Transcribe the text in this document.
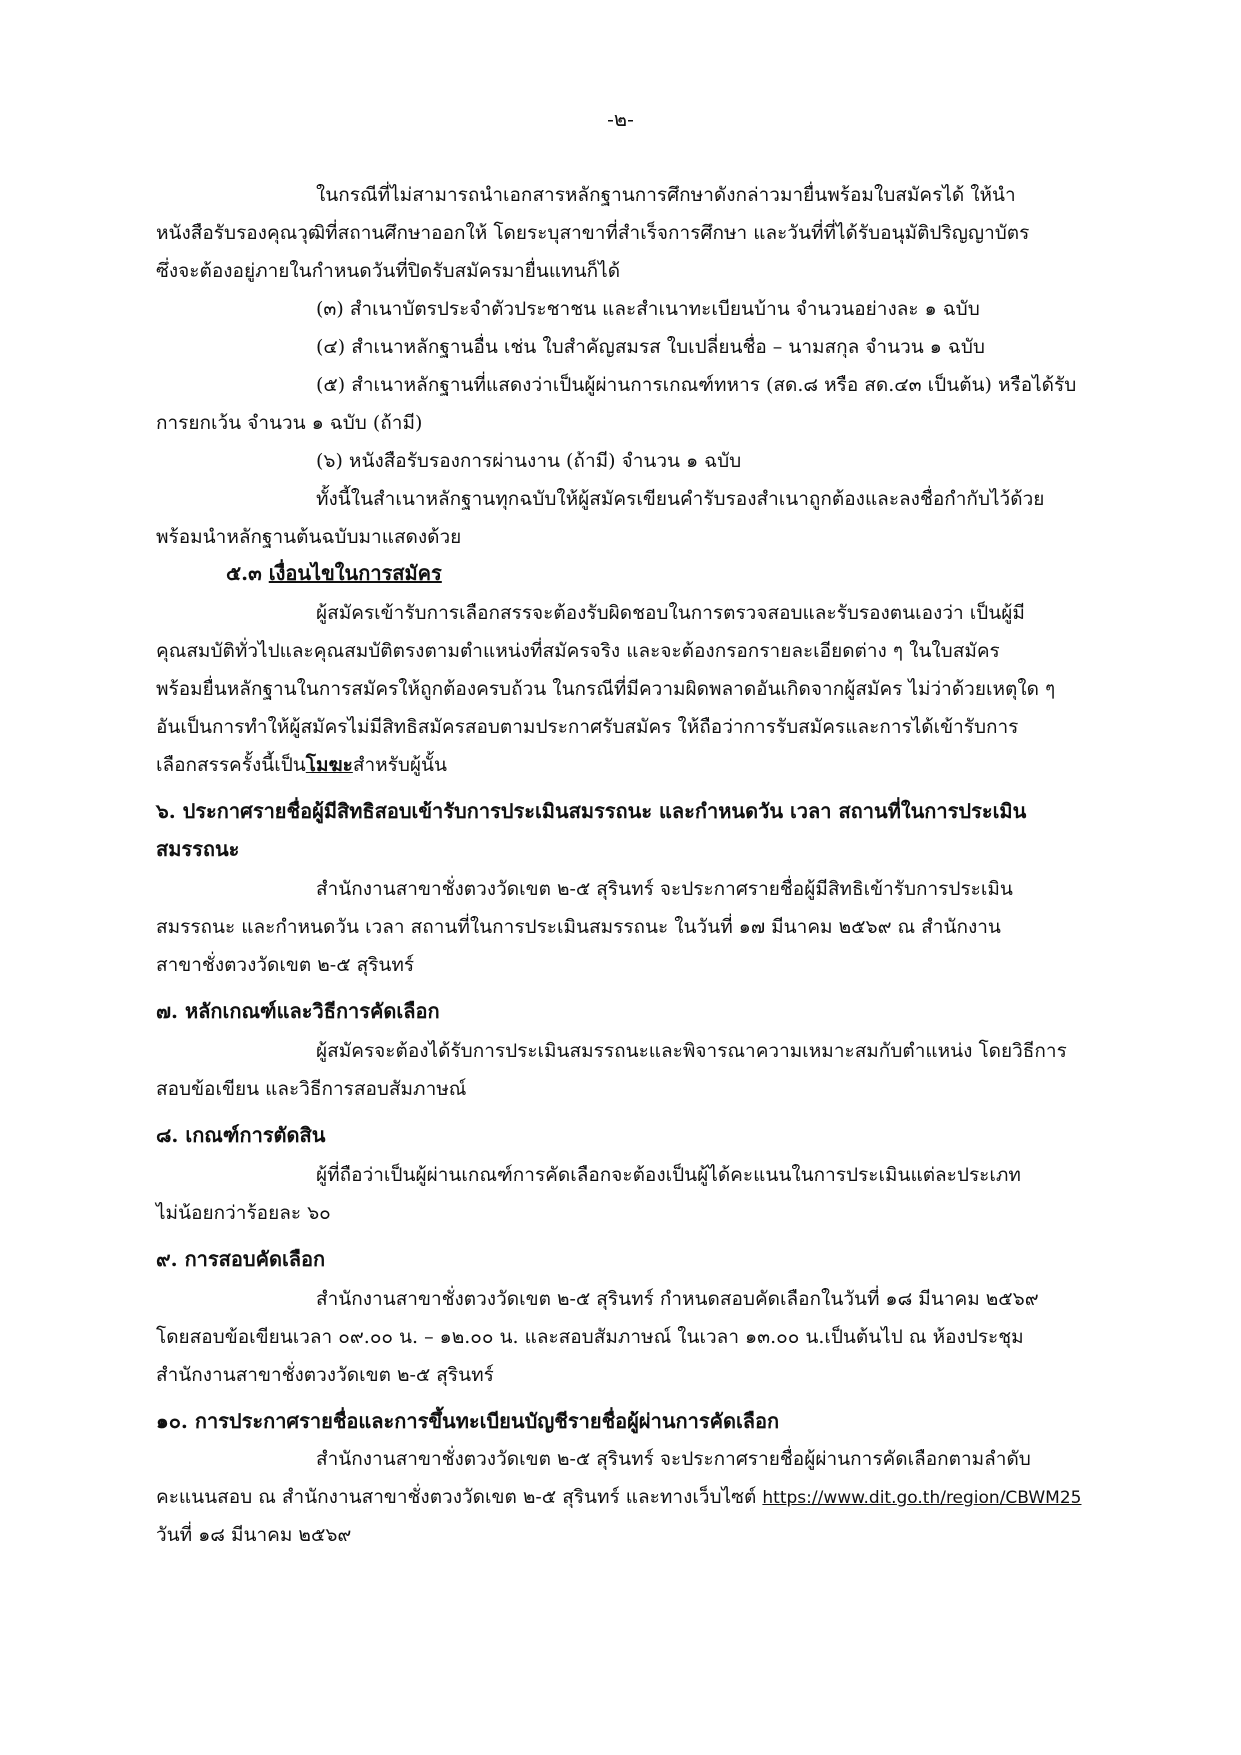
-๒-
ในกรณีที่ไม่สามารถนำเอกสารหลักฐานการศึกษาดังกล่าวมายื่นพร้อมใบสมัครได้ ให้นำ
หนังสือรับรองคุณวุฒิที่สถานศึกษาออกให้ โดยระบุสาขาที่สำเร็จการศึกษา และวันที่ที่ได้รับอนุมัติปริญญาบัตร
ซึ่งจะต้องอยู่ภายในกำหนดวันที่ปิดรับสมัครมายื่นแทนก็ได้
(๓) สำเนาบัตรประจำตัวประชาชน และสำเนาทะเบียนบ้าน จำนวนอย่างละ ๑ ฉบับ
(๔) สำเนาหลักฐานอื่น เช่น ใบสำคัญสมรส ใบเปลี่ยนชื่อ – นามสกุล จำนวน ๑ ฉบับ
(๕) สำเนาหลักฐานที่แสดงว่าเป็นผู้ผ่านการเกณฑ์ทหาร (สด.๘ หรือ สด.๔๓ เป็นต้น) หรือได้รับ
การยกเว้น จำนวน ๑ ฉบับ (ถ้ามี)
(๖) หนังสือรับรองการผ่านงาน (ถ้ามี) จำนวน ๑ ฉบับ
ทั้งนี้ในสำเนาหลักฐานทุกฉบับให้ผู้สมัครเขียนคำรับรองสำเนาถูกต้องและลงชื่อกำกับไว้ด้วย
พร้อมนำหลักฐานต้นฉบับมาแสดงด้วย
๕.๓ เงื่อนไขในการสมัคร
ผู้สมัครเข้ารับการเลือกสรรจะต้องรับผิดชอบในการตรวจสอบและรับรองตนเองว่า เป็นผู้มี
คุณสมบัติทั่วไปและคุณสมบัติตรงตามตำแหน่งที่สมัครจริง และจะต้องกรอกรายละเอียดต่าง ๆ ในใบสมัคร
พร้อมยื่นหลักฐานในการสมัครให้ถูกต้องครบถ้วน ในกรณีที่มีความผิดพลาดอันเกิดจากผู้สมัคร ไม่ว่าด้วยเหตุใด ๆ
อันเป็นการทำให้ผู้สมัครไม่มีสิทธิสมัครสอบตามประกาศรับสมัคร ให้ถือว่าการรับสมัครและการได้เข้ารับการ
เลือกสรรครั้งนี้เป็นโมฆะสำหรับผู้นั้น
๖. ประกาศรายชื่อผู้มีสิทธิสอบเข้ารับการประเมินสมรรถนะ และกำหนดวัน เวลา สถานที่ในการประเมิน
สมรรถนะ
สำนักงานสาขาชั่งตวงวัดเขต ๒-๕ สุรินทร์ จะประกาศรายชื่อผู้มีสิทธิเข้ารับการประเมิน
สมรรถนะ และกำหนดวัน เวลา สถานที่ในการประเมินสมรรถนะ ในวันที่ ๑๗ มีนาคม ๒๕๖๙ ณ สำนักงาน
สาขาชั่งตวงวัดเขต ๒-๕ สุรินทร์
๗. หลักเกณฑ์และวิธีการคัดเลือก
ผู้สมัครจะต้องได้รับการประเมินสมรรถนะและพิจารณาความเหมาะสมกับตำแหน่ง โดยวิธีการ
สอบข้อเขียน และวิธีการสอบสัมภาษณ์
๘. เกณฑ์การตัดสิน
ผู้ที่ถือว่าเป็นผู้ผ่านเกณฑ์การคัดเลือกจะต้องเป็นผู้ได้คะแนนในการประเมินแต่ละประเภท
ไม่น้อยกว่าร้อยละ ๖๐
๙. การสอบคัดเลือก
สำนักงานสาขาชั่งตวงวัดเขต ๒-๕ สุรินทร์ กำหนดสอบคัดเลือกในวันที่ ๑๘ มีนาคม ๒๕๖๙
โดยสอบข้อเขียนเวลา ๐๙.๐๐ น. – ๑๒.๐๐ น. และสอบสัมภาษณ์ ในเวลา ๑๓.๐๐ น.เป็นต้นไป ณ ห้องประชุม
สำนักงานสาขาชั่งตวงวัดเขต ๒-๕ สุรินทร์
๑๐. การประกาศรายชื่อและการขึ้นทะเบียนบัญชีรายชื่อผู้ผ่านการคัดเลือก
สำนักงานสาขาชั่งตวงวัดเขต ๒-๕ สุรินทร์ จะประกาศรายชื่อผู้ผ่านการคัดเลือกตามลำดับ
คะแนนสอบ ณ สำนักงานสาขาชั่งตวงวัดเขต ๒-๕ สุรินทร์ และทางเว็บไซต์ https://www.dit.go.th/region/CBWM25
วันที่ ๑๘ มีนาคม ๒๕๖๙
